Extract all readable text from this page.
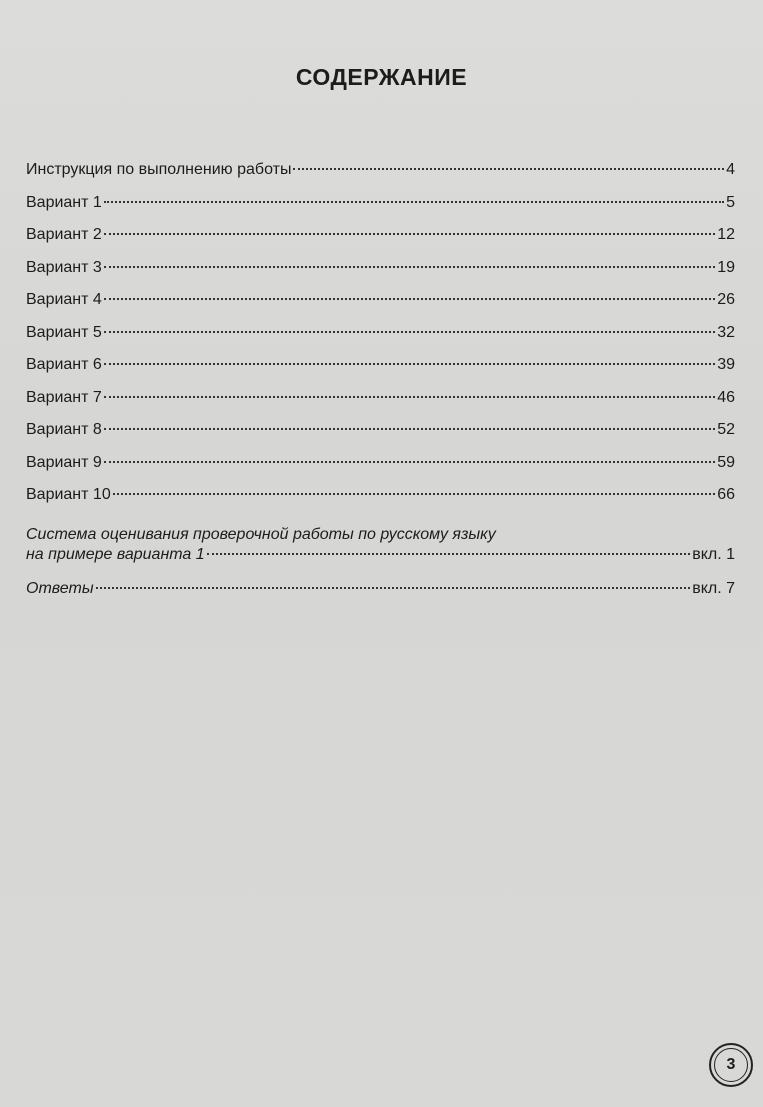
СОДЕРЖАНИЕ
Инструкция по выполнению работы	4
Вариант 1	5
Вариант 2	12
Вариант 3	19
Вариант 4	26
Вариант 5	32
Вариант 6	39
Вариант 7	46
Вариант 8	52
Вариант 9	59
Вариант 10	66
Система оценивания проверочной работы по русскому языку
на примере варианта 1	вкл. 1
Ответы	вкл. 7
3
